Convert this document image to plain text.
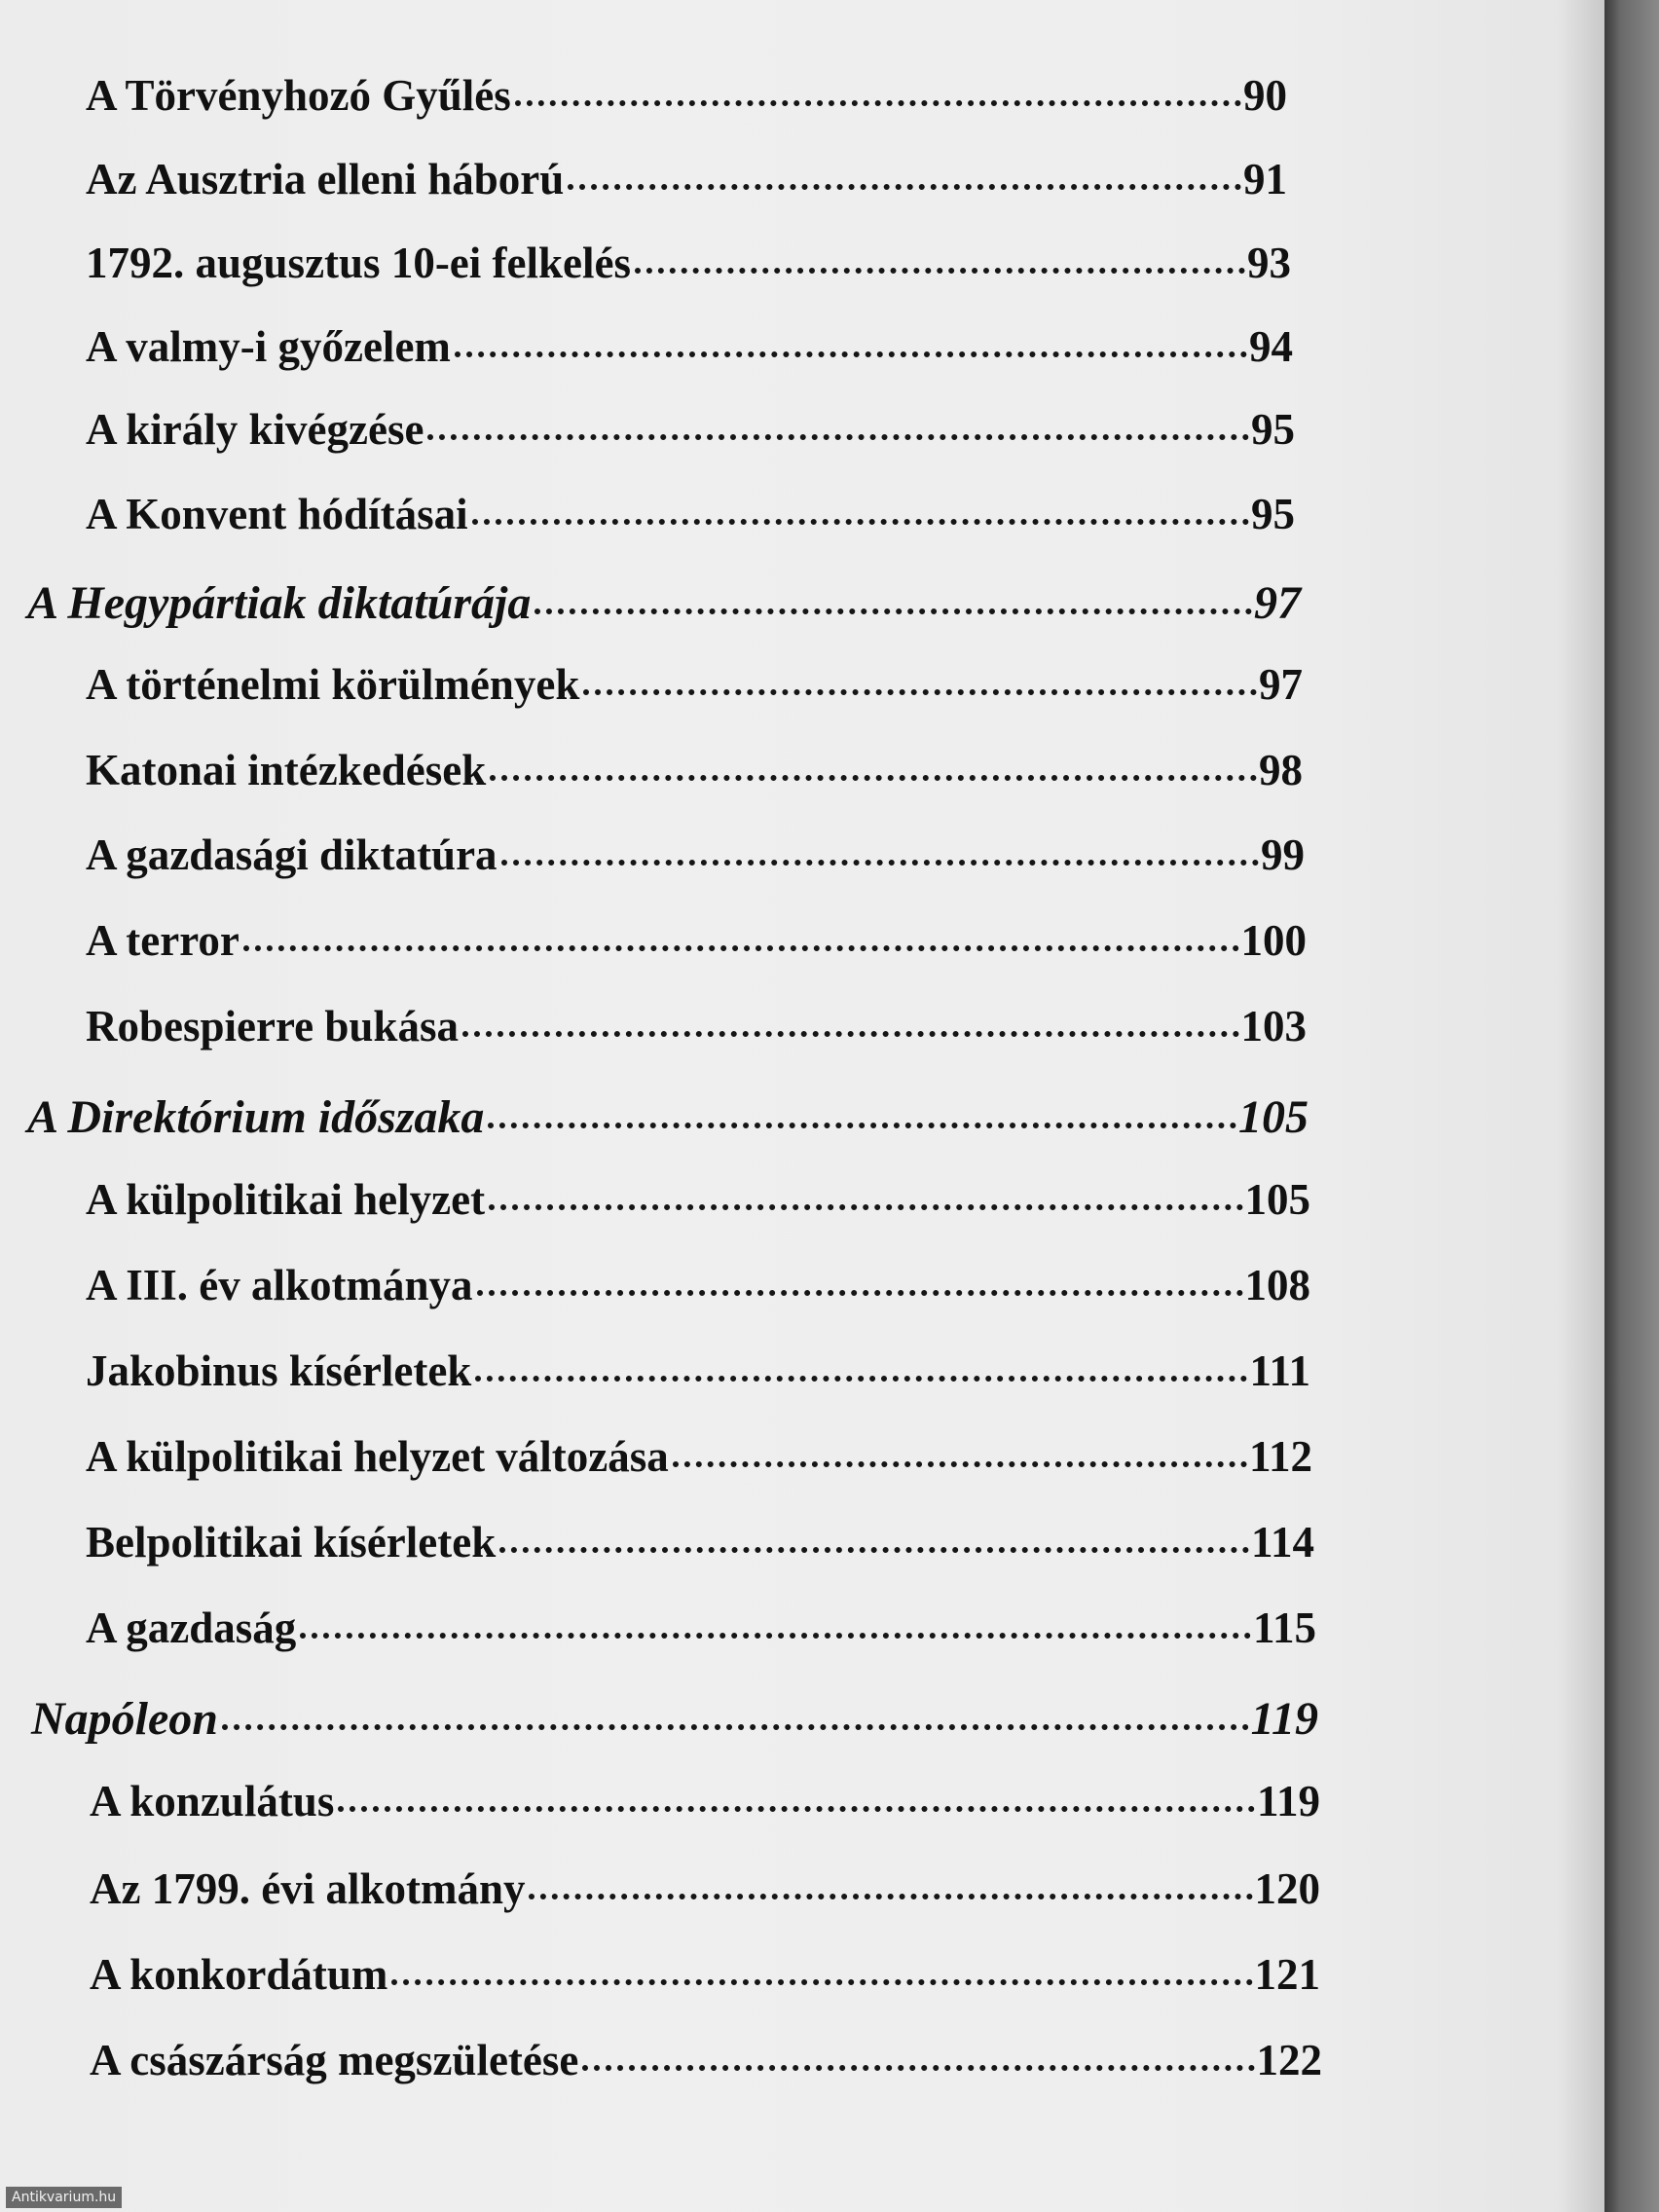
A Törvényhozó Gyűlés	90
Az Ausztria elleni háború	91
1792. augusztus 10-ei felkelés	93
A valmy-i győzelem	94
A király kivégzése	95
A Konvent hódításai	95
A Hegypártiak diktatúrája	97
A történelmi körülmények	97
Katonai intézkedések	98
A gazdasági diktatúra	99
A terror	100
Robespierre bukása	103
A Direktórium időszaka	105
A külpolitikai helyzet	105
A III. év alkotmánya	108
Jakobinus kísérletek	111
A külpolitikai helyzet változása	112
Belpolitikai kísérletek	114
A gazdaság	115
Napóleon	119
A konzulátus	119
Az 1799. évi alkotmány	120
A konkordátum	121
A császárság megszületése	122
Antikvarium.hu
